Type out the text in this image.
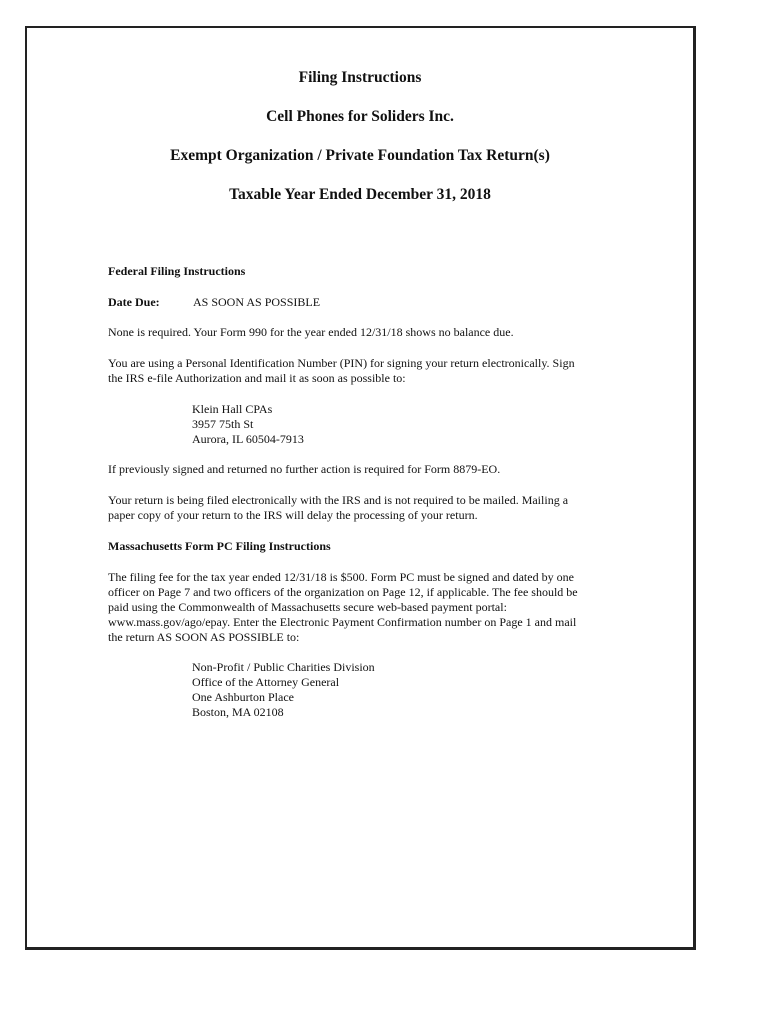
Filing Instructions
Cell Phones for Soliders Inc.
Exempt Organization / Private Foundation Tax Return(s)
Taxable Year Ended December 31, 2018
Federal Filing Instructions
Date Due:	AS SOON AS POSSIBLE
None is required. Your Form 990 for the year ended 12/31/18 shows no balance due.
You are using a Personal Identification Number (PIN) for signing your return electronically. Sign
the IRS e-file Authorization and mail it as soon as possible to:
Klein Hall CPAs
3957 75th St
Aurora, IL 60504-7913
If previously signed and returned no further action is required for Form 8879-EO.
Your return is being filed electronically with the IRS and is not required to be mailed. Mailing a
paper copy of your return to the IRS will delay the processing of your return.
Massachusetts Form PC Filing Instructions
The filing fee for the tax year ended 12/31/18 is $500. Form PC must be signed and dated by one
officer on Page 7 and two officers of the organization on Page 12, if applicable. The fee should be
paid using the Commonwealth of Massachusetts secure web-based payment portal:
www.mass.gov/ago/epay. Enter the Electronic Payment Confirmation number on Page 1 and mail
the return AS SOON AS POSSIBLE to:
Non-Profit / Public Charities Division
Office of the Attorney General
One Ashburton Place
Boston, MA 02108
